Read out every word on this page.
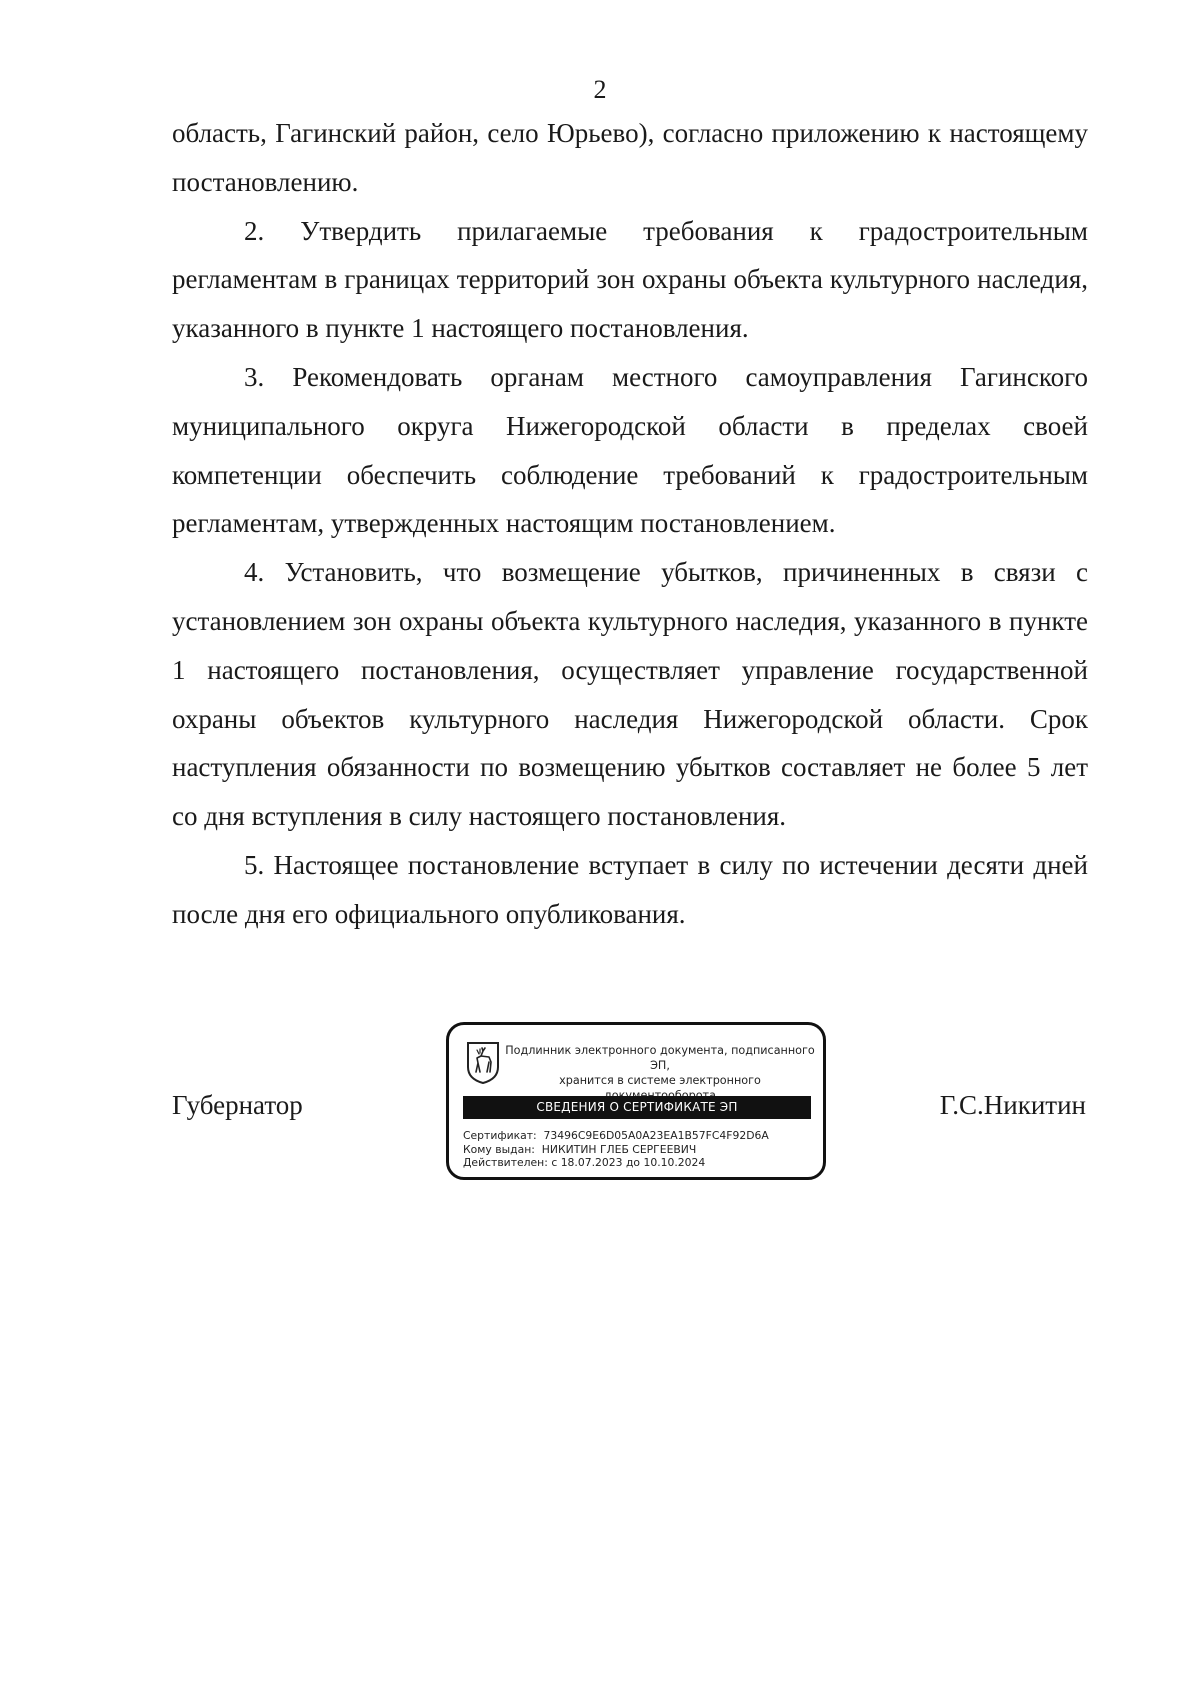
2

область, Гагинский район, село Юрьево), согласно приложению к настоящему постановлению.

2. Утвердить прилагаемые требования к градостроительным регламентам в границах территорий зон охраны объекта культурного наследия, указанного в пункте 1 настоящего постановления.

3. Рекомендовать органам местного самоуправления Гагинского муниципального округа Нижегородской области в пределах своей компетенции обеспечить соблюдение требований к градостроительным регламентам, утвержденных настоящим постановлением.

4. Установить, что возмещение убытков, причиненных в связи с установлением зон охраны объекта культурного наследия, указанного в пункте 1 настоящего постановления, осуществляет управление государственной охраны объектов культурного наследия Нижегородской области. Срок наступления обязанности по возмещению убытков составляет не более 5 лет со дня вступления в силу настоящего постановления.

5. Настоящее постановление вступает в силу по истечении десяти дней после дня его официального опубликования.

Губернатор
Подлинник электронного документа, подписанного ЭП,
хранится в системе электронного
СВЕДЕНИЯ О СЕРТИФИКАТЕ ЭП
Сертификат: 73496C9E6D05A0A23EA1B57FC4F92D6A
Кому выдан: НИКИТИН ГЛЕБ СЕРГЕЕВИЧ
Действителен: с 18.07.2023 до 10.10.2024
Г.С.Никитин
